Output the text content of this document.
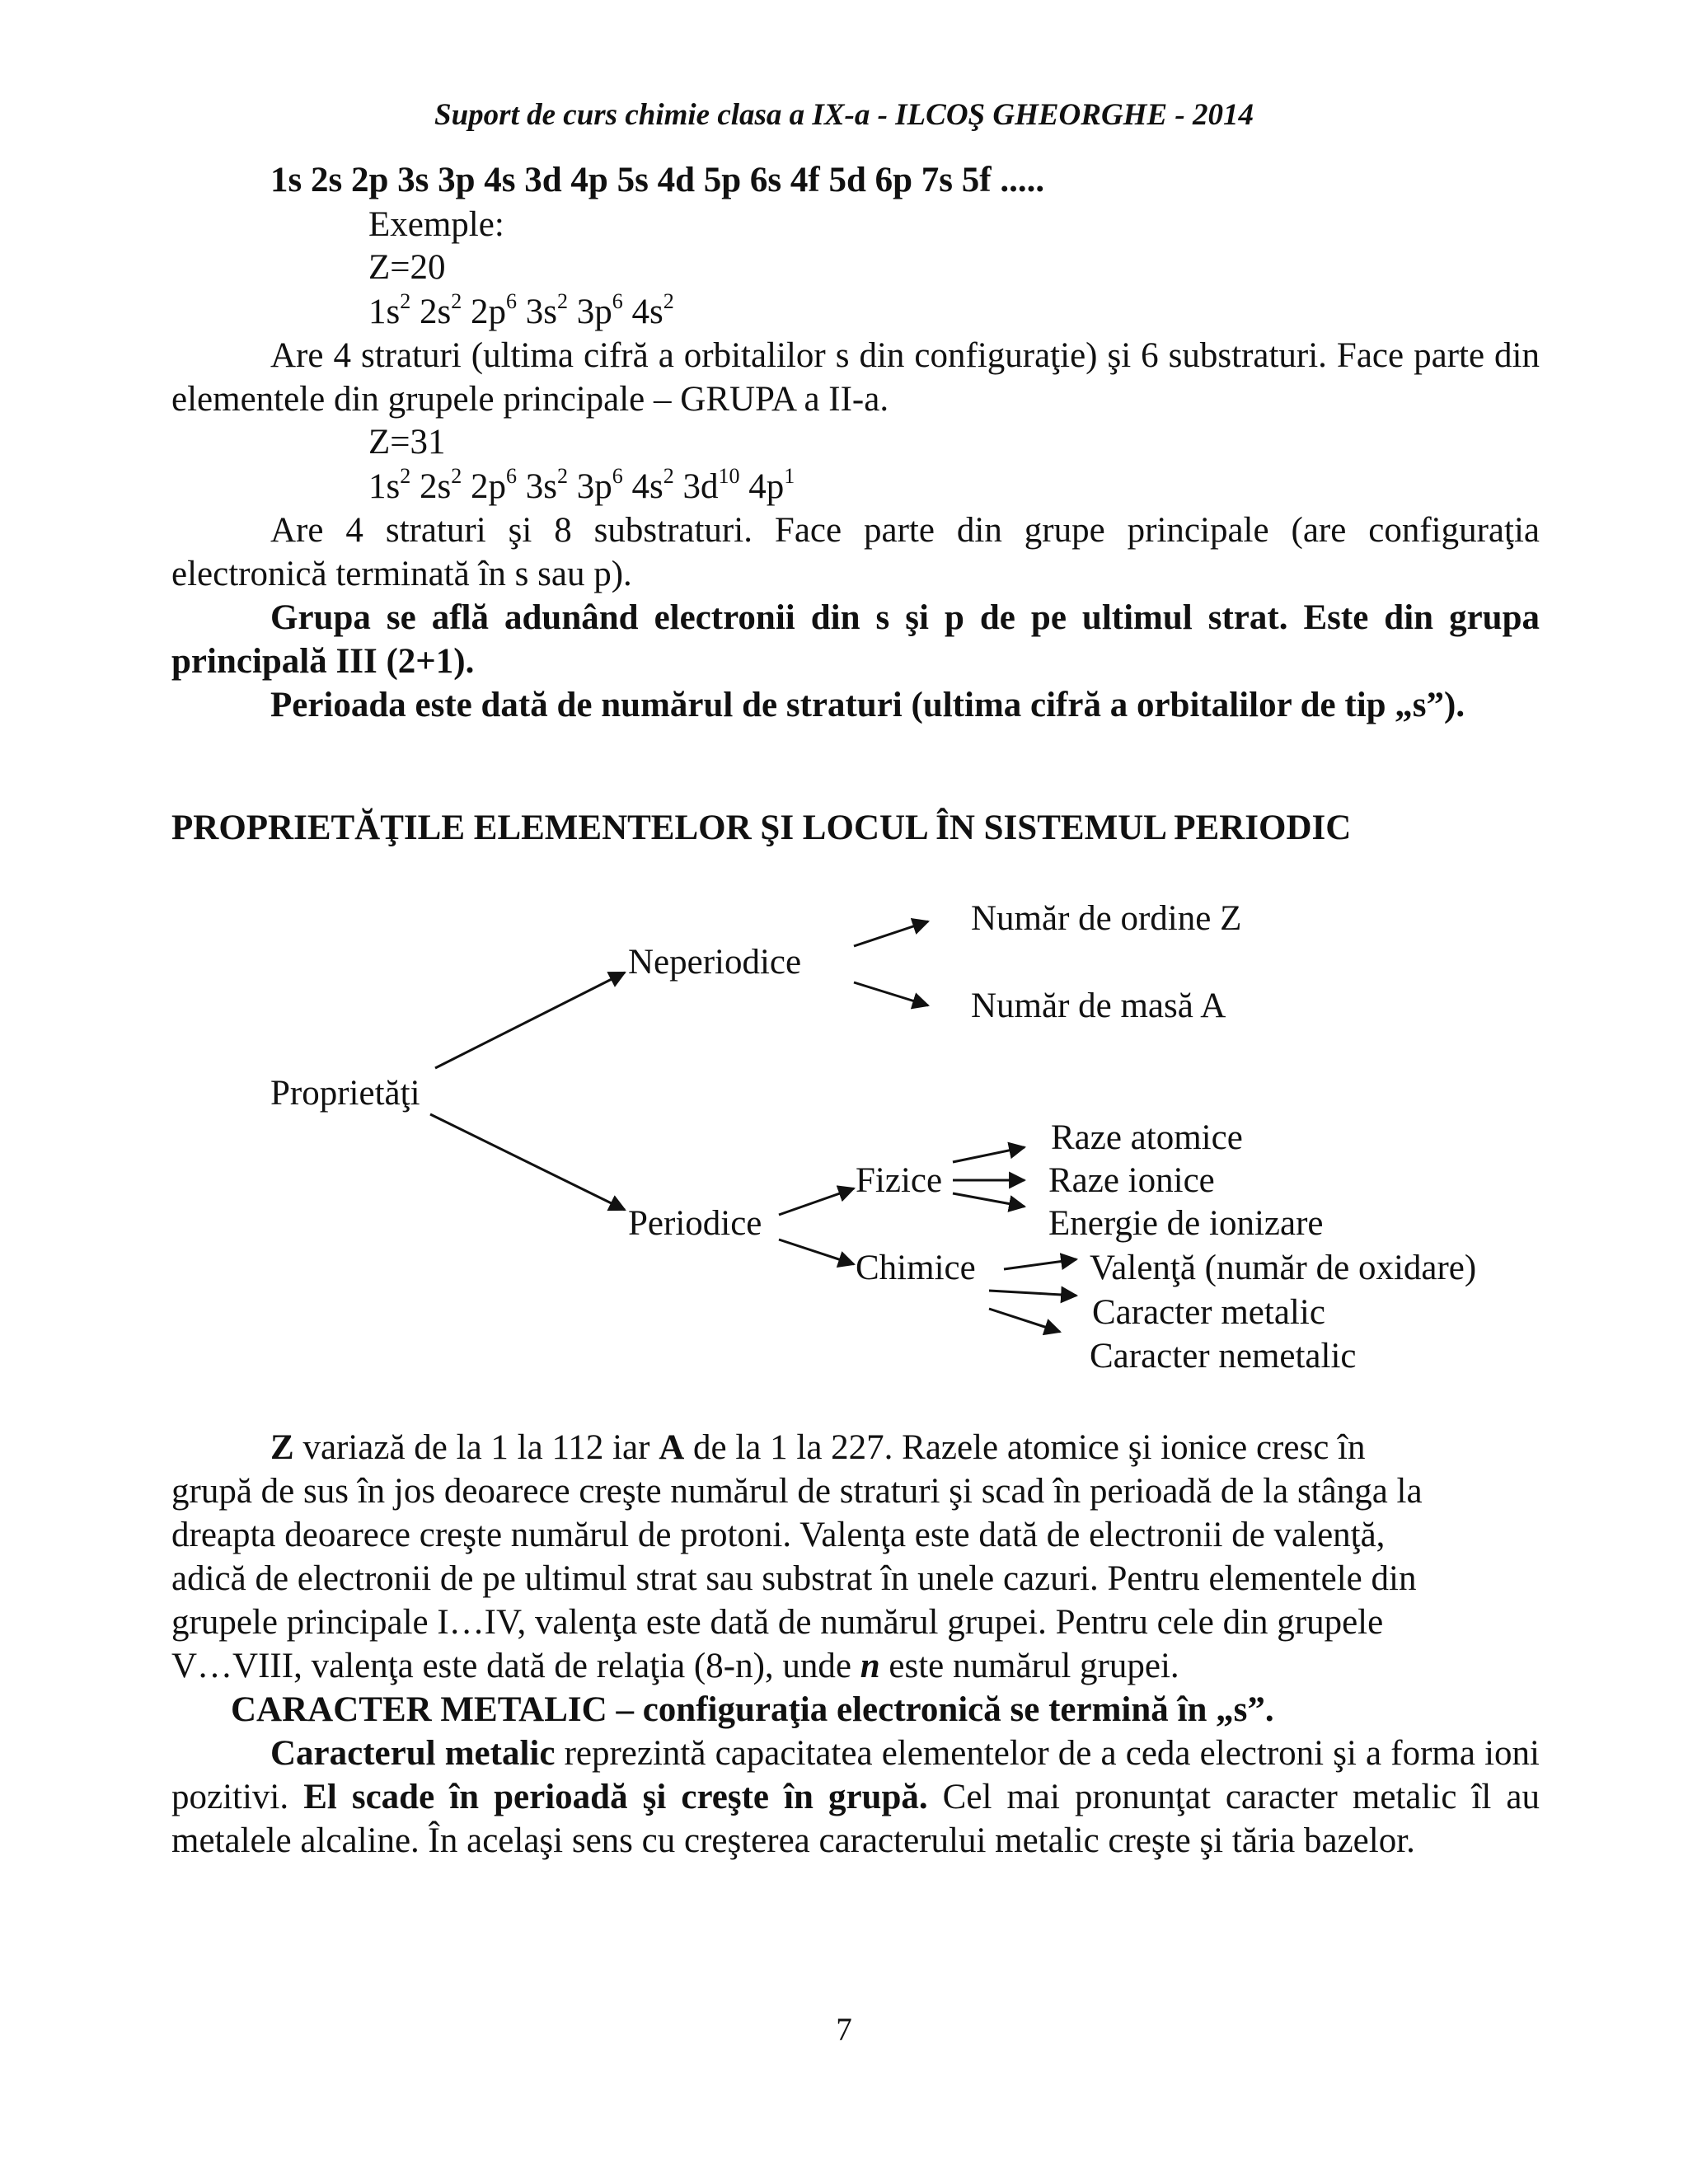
Suport de curs chimie clasa a IX-a - ILCOŞ GHEORGHE - 2014
1s 2s 2p 3s 3p 4s 3d 4p 5s 4d 5p 6s 4f 5d 6p 7s 5f .....
Exemple:
Z=20
$1s^2$ $2s^2$ $2p^6$ $3s^2$ $3p^6$ $4s^2$

Are 4 straturi (ultima cifră a orbitalilor s din configuraţie) şi 6 substraturi. Face parte din elementele din grupele principale – GRUPA a II-a.

Z=31
$1s^2$ $2s^2$ $2p^6$ $3s^2$ $3p^6$ $4s^2$ $3d^{10}$ $4p^1$

Are 4 straturi şi 8 substraturi. Face parte din grupe principale (are configuraţia electronică terminată în s sau p).

Grupa se află adunând electronii din s şi p de pe ultimul strat. Este din grupa principală III (2+1).

Perioada este dată de numărul de straturi (ultima cifră a orbitalilor de tip „s”).

PROPRIETĂŢILE ELEMENTELOR ŞI LOCUL ÎN SISTEMUL PERIODIC
Număr de ordine Z
Neperiodice
Număr de masă A
Proprietăţi
Raze atomice
Fizice	Raze ionice
Periodice	Energie de ionizare
Chimice	Valenţă (număr de oxidare)
Caracter metalic
Caracter nemetalic
Z variază de la 1 la 112 iar A de la 1 la 227. Razele atomice şi ionice cresc în
grupă de sus în jos deoarece creşte numărul de straturi şi scad în perioadă de la stânga la
dreapta deoarece creşte numărul de protoni. Valenţa este dată de electronii de valenţă,
adică de electronii de pe ultimul strat sau substrat în unele cazuri. Pentru elementele din
grupele principale I…IV, valenţa este dată de numărul grupei. Pentru cele din grupele
V…VIII, valenţa este dată de relaţia (8-n), unde n este numărul grupei.
CARACTER METALIC – configuraţia electronică se termină în „s”.

Caracterul metalic reprezintă capacitatea elementelor de a ceda electroni şi a forma ioni pozitivi. El scade în perioadă şi creşte în grupă. Cel mai pronunţat caracter metalic îl au metalele alcaline. În acelaşi sens cu creşterea caracterului metalic creşte şi tăria bazelor.

7
